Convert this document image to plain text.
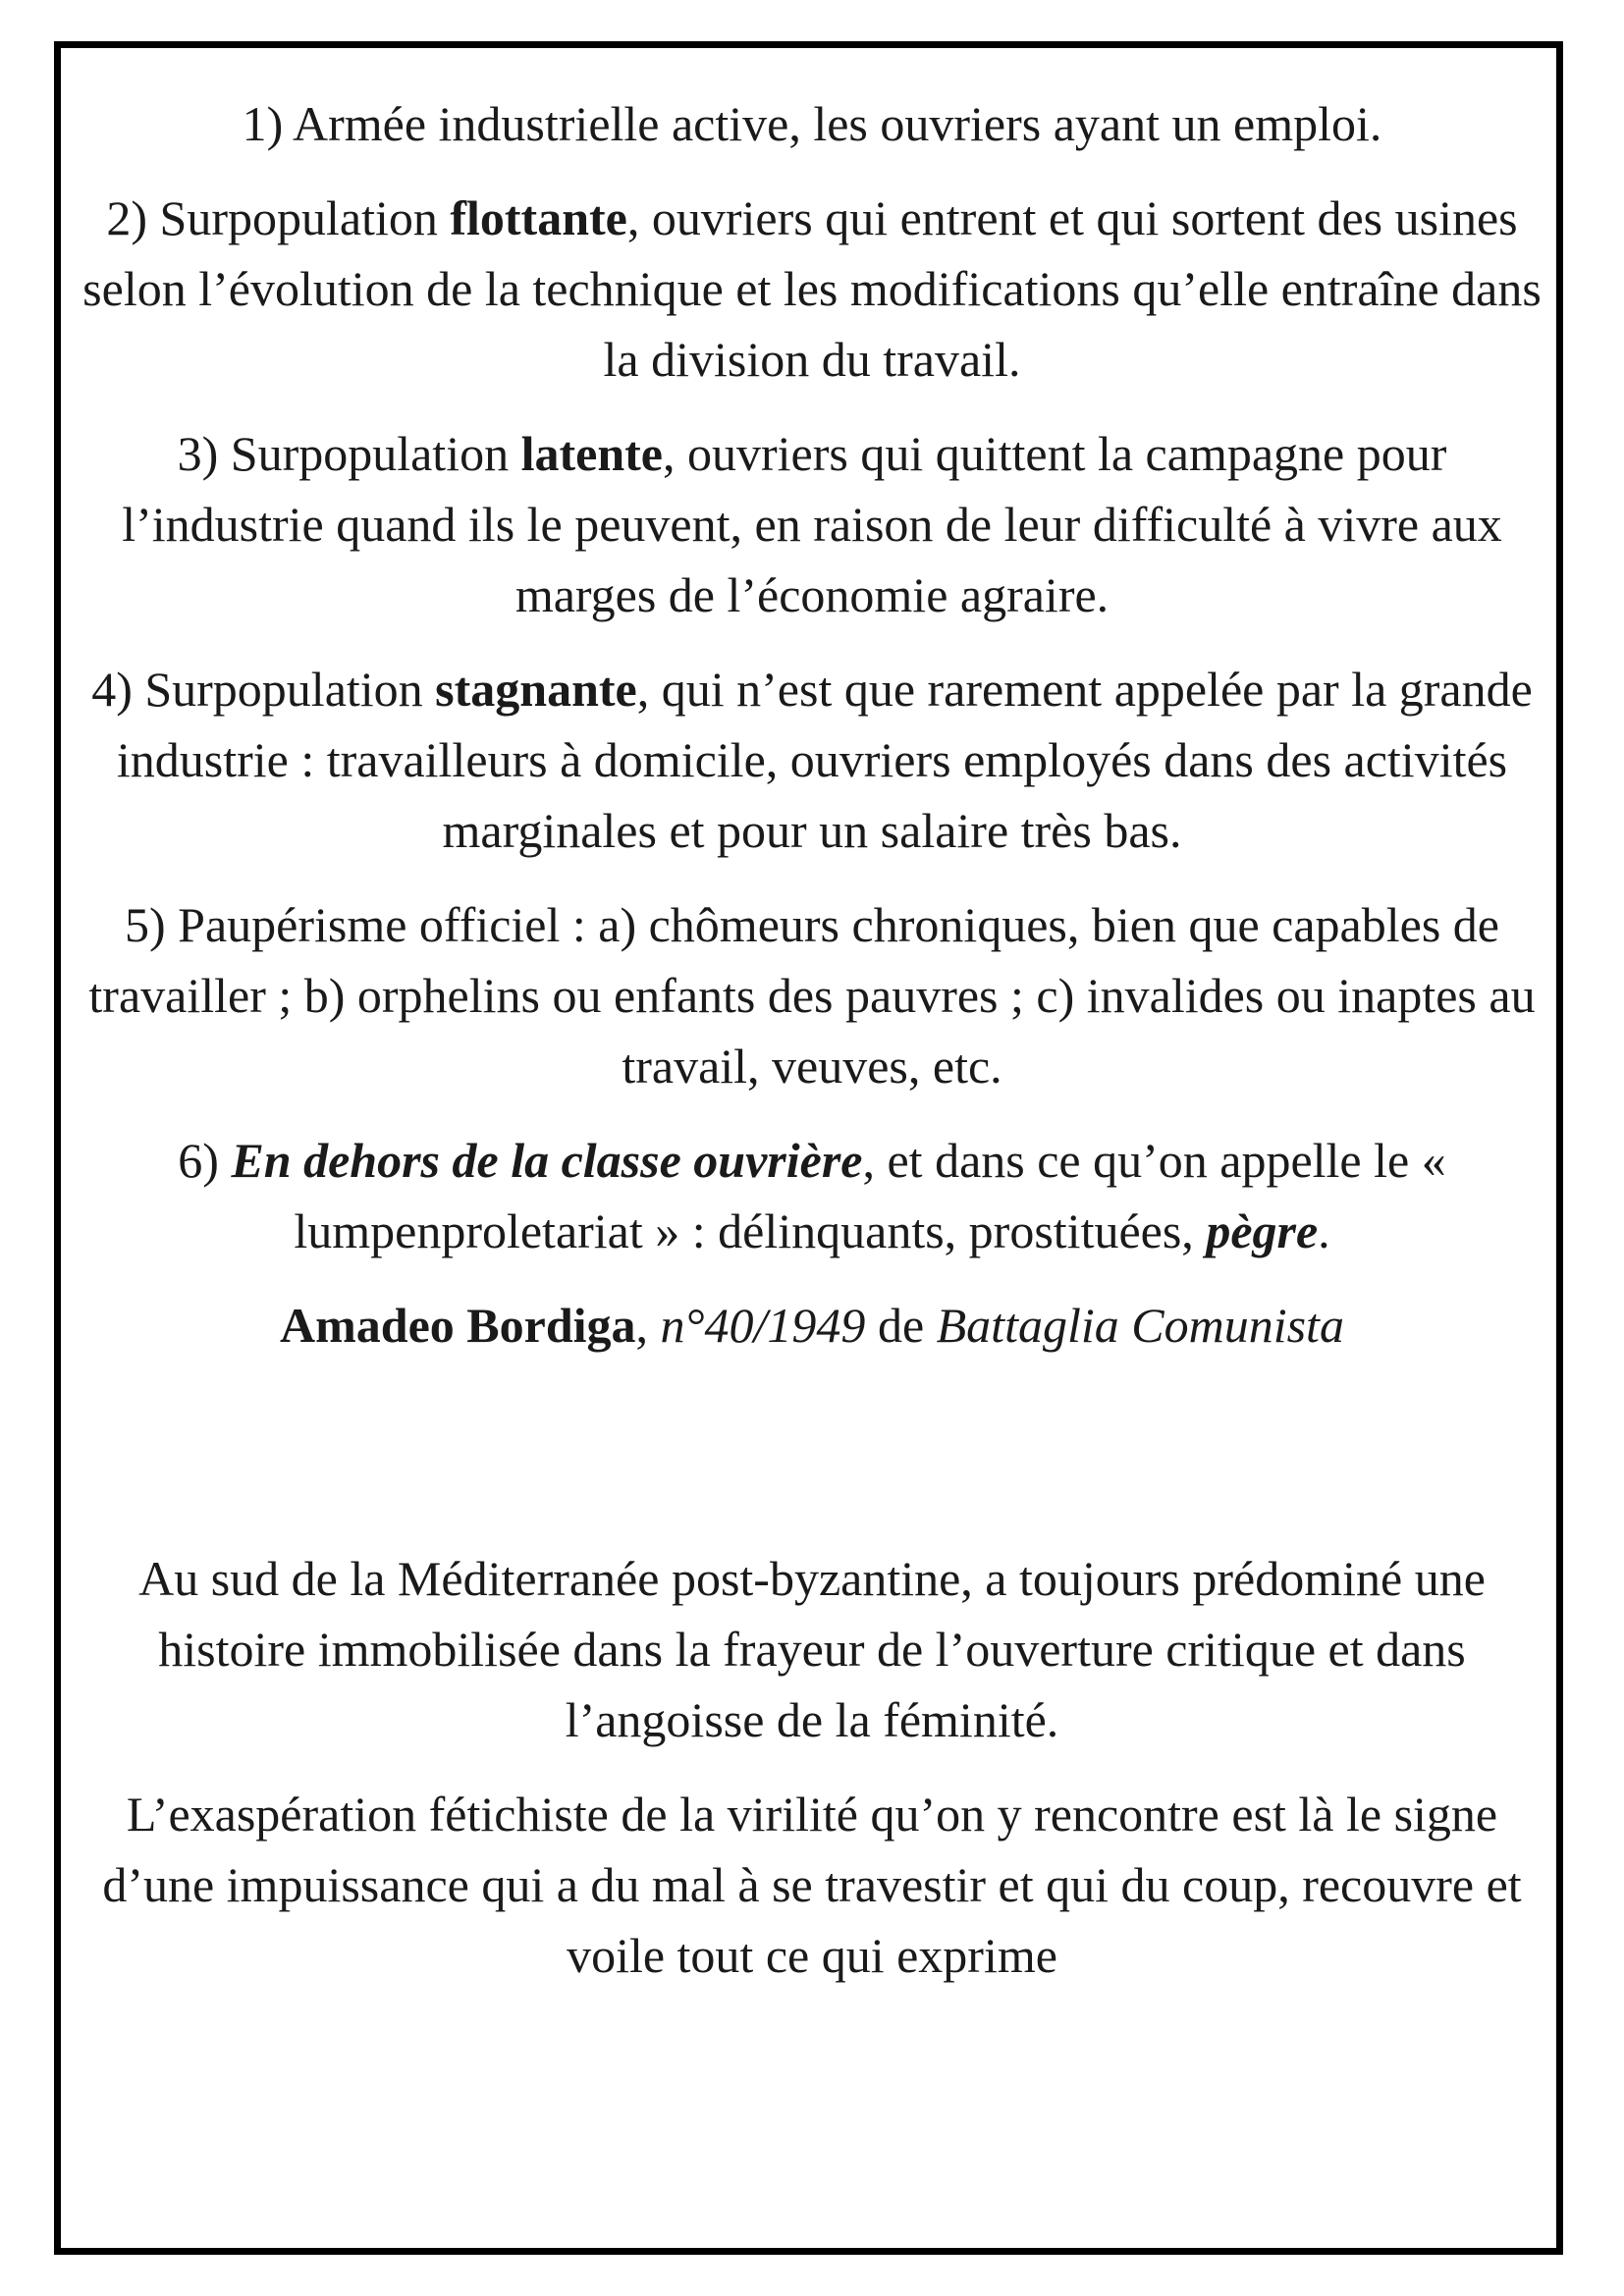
1) Armée industrielle active, les ouvriers ayant un emploi.

2) Surpopulation flottante, ouvriers qui entrent et qui sortent des usines selon l’évolution de la technique et les modifications qu’elle entraîne dans la division du travail.

3) Surpopulation latente, ouvriers qui quittent la campagne pour l’industrie quand ils le peuvent, en raison de leur difficulté à vivre aux marges de l’économie agraire.

4) Surpopulation stagnante, qui n’est que rarement appelée par la grande industrie : travailleurs à domicile, ouvriers employés dans des activités marginales et pour un salaire très bas.

5) Paupérisme officiel : a) chômeurs chroniques, bien que capables de travailler ; b) orphelins ou enfants des pauvres ; c) invalides ou inaptes au travail, veuves, etc.

6) En dehors de la classe ouvrière, et dans ce qu’on appelle le « lumpenproletariat » : délinquants, prostituées, pègre.

Amadeo Bordiga, n°40/1949 de Battaglia Comunista

Au sud de la Méditerranée post-byzantine, a toujours prédominé une histoire immobilisée dans la frayeur de l’ouverture critique et dans l’angoisse de la féminité.

L’exaspération fétichiste de la virilité qu’on y rencontre est là le signe d’une impuissance qui a du mal à se travestir et qui du coup, recouvre et voile tout ce qui exprime
